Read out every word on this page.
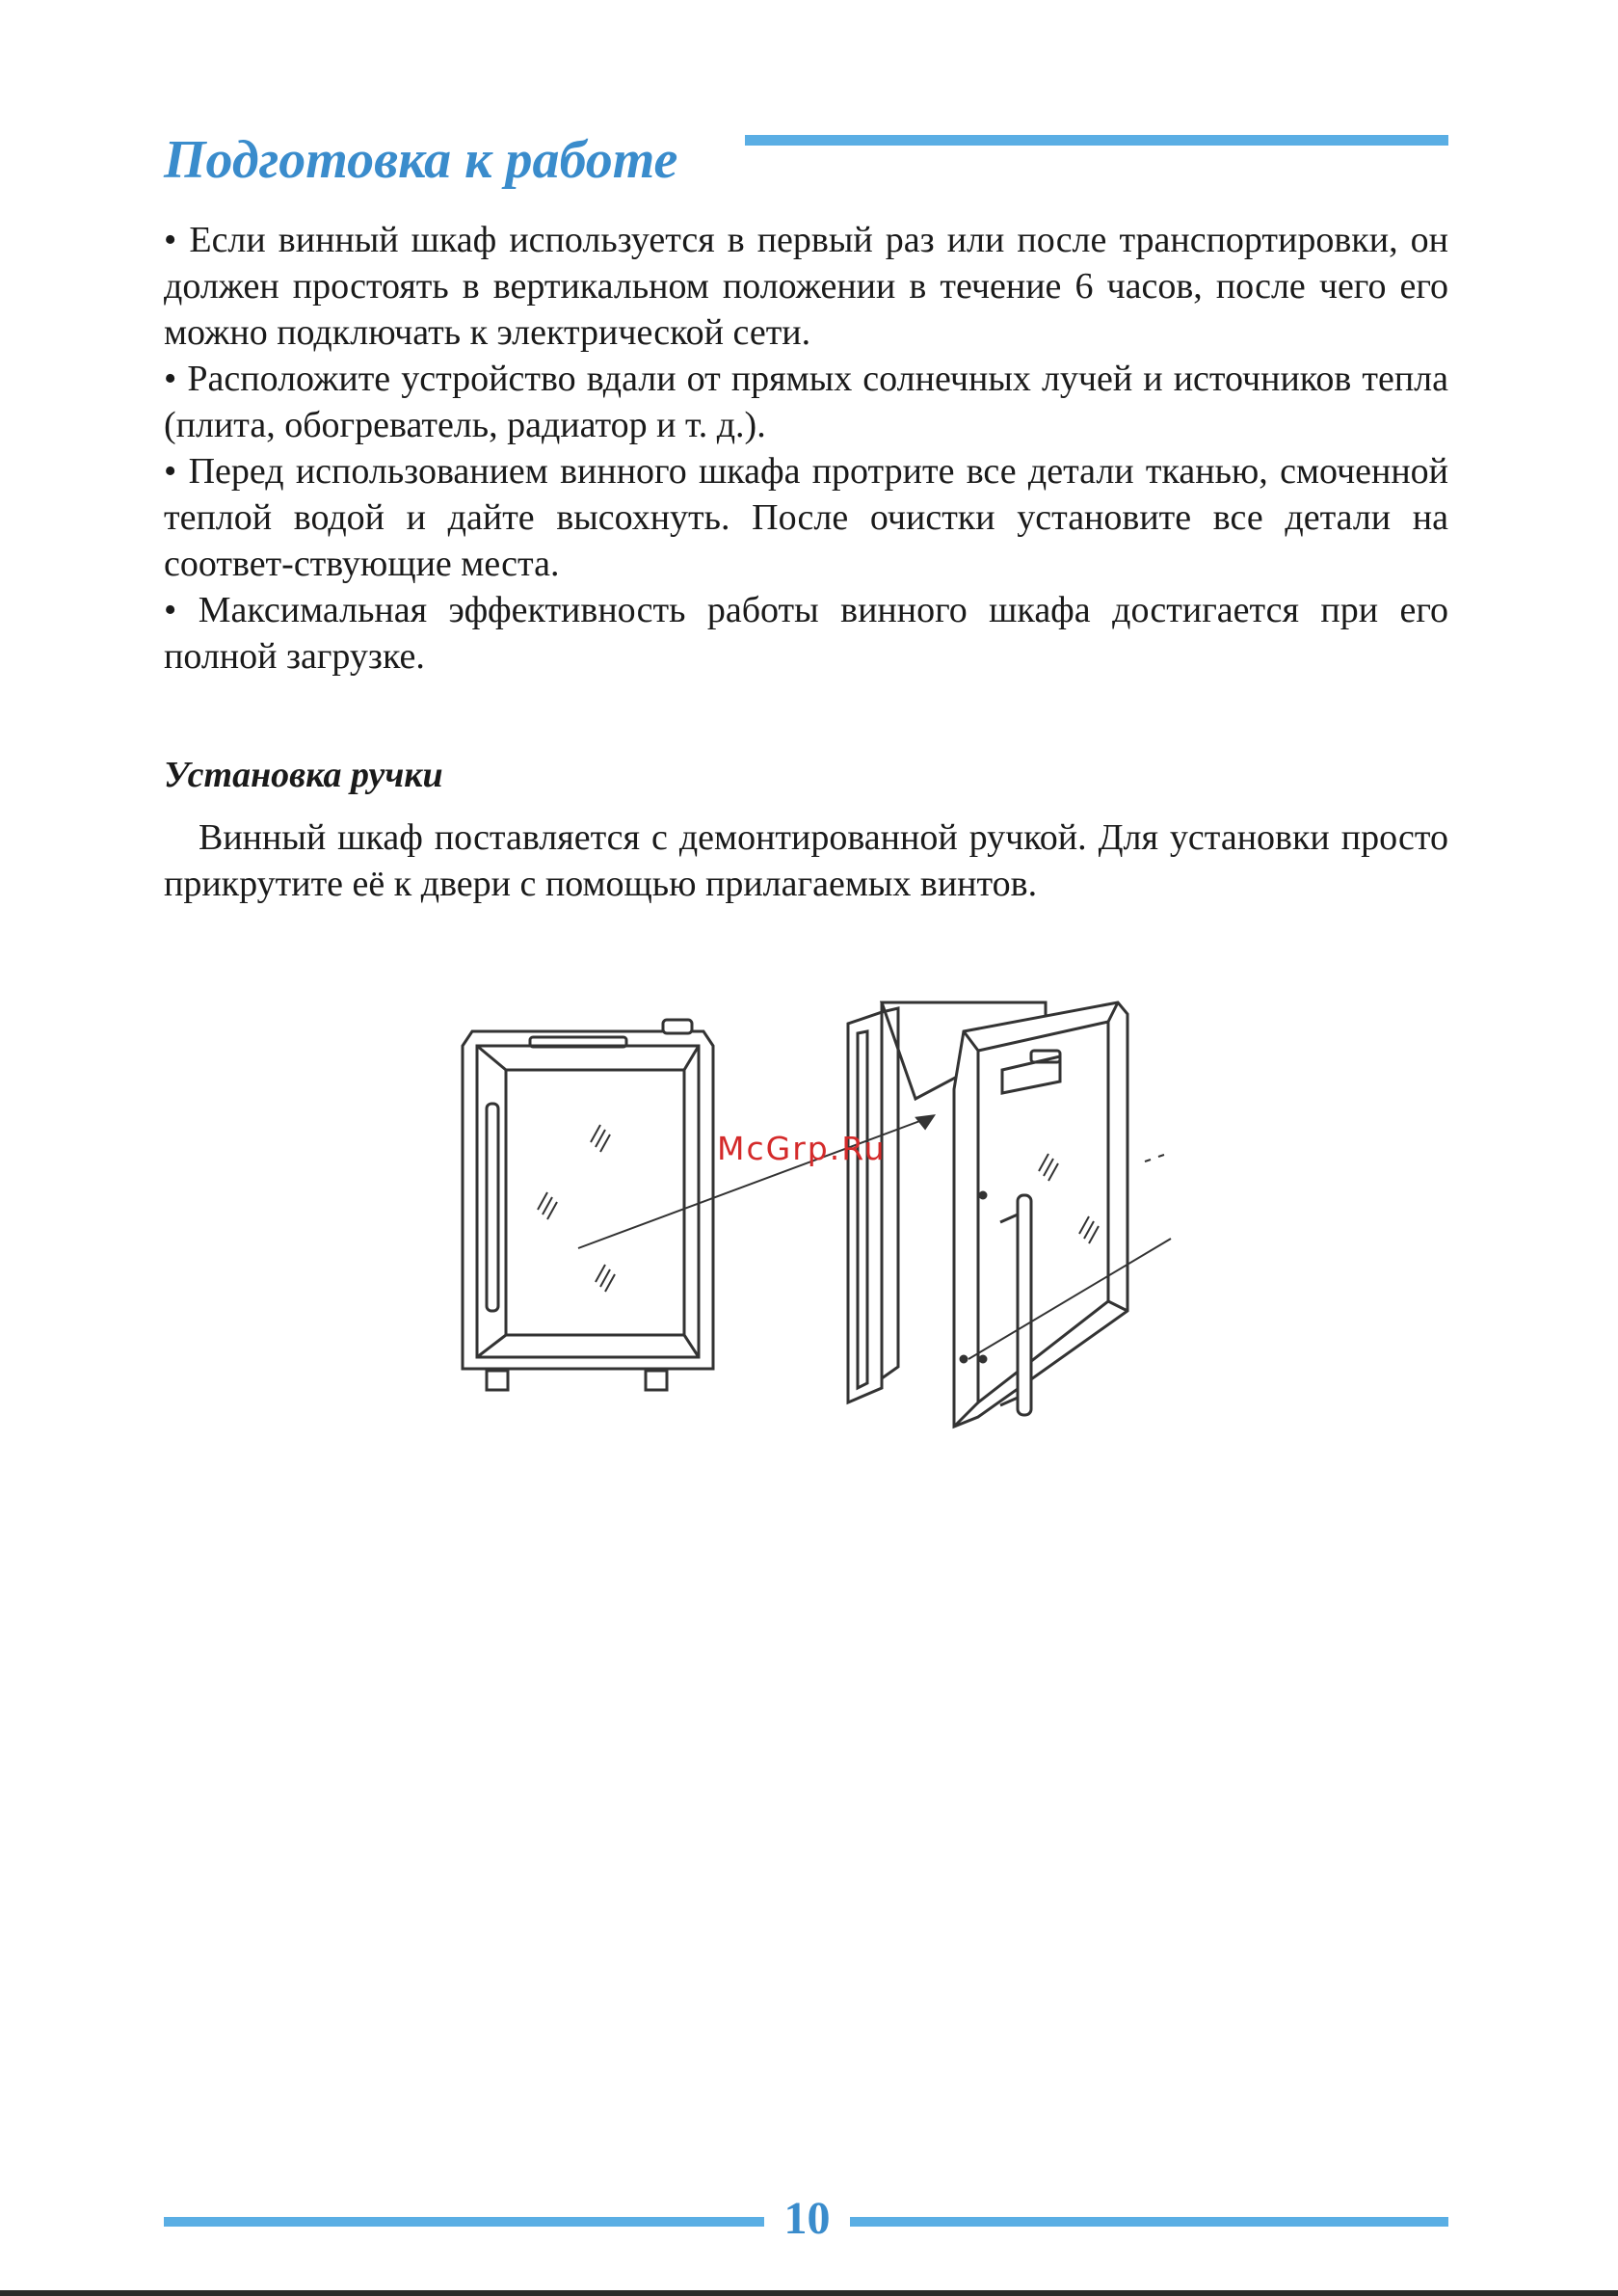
Подготовка к работе

• Если винный шкаф используется в первый раз или после транспортировки, он должен простоять в вертикальном положении в течение 6 часов, после чего его можно подключать к электрической сети.

• Расположите устройство вдали от прямых солнечных лучей и источников тепла (плита, обогреватель, радиатор и т. д.).

• Перед использованием винного шкафа протрите все детали тканью, смоченной теплой водой и дайте высохнуть. После очистки установите все детали на соответ-ствующие места.

• Максимальная эффективность работы винного шкафа достигается при его полной загрузке.

Установка ручки

Винный шкаф поставляется с демонтированной ручкой. Для установки просто прикрутите её к двери с помощью прилагаемых винтов.

McGrp.Ru
10
